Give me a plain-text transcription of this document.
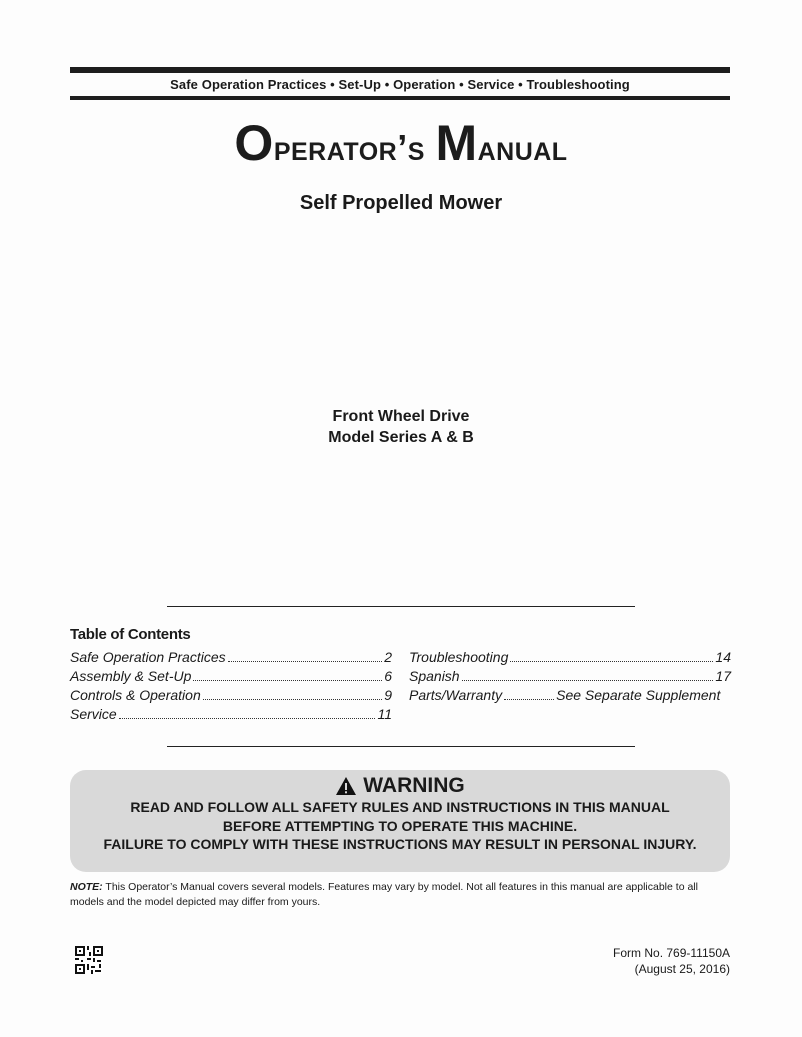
Safe Operation Practices • Set-Up • Operation • Service • Troubleshooting
Operator’s Manual
Self Propelled Mower
Front Wheel Drive
Model Series A & B
Table of Contents
Safe Operation Practices	2
Assembly & Set-Up	6
Controls & Operation	9
Service	11
Troubleshooting	14
Spanish	17
Parts/Warranty	See Separate Supplement
WARNING
READ AND FOLLOW ALL SAFETY RULES AND INSTRUCTIONS IN THIS MANUAL
BEFORE ATTEMPTING TO OPERATE THIS MACHINE.
FAILURE TO COMPLY WITH THESE INSTRUCTIONS MAY RESULT IN PERSONAL INJURY.
NOTE: This Operator’s Manual covers several models. Features may vary by model. Not all features in this manual are applicable to all models and the model depicted may differ from yours.
Form No. 769-11150A
(August 25, 2016)
